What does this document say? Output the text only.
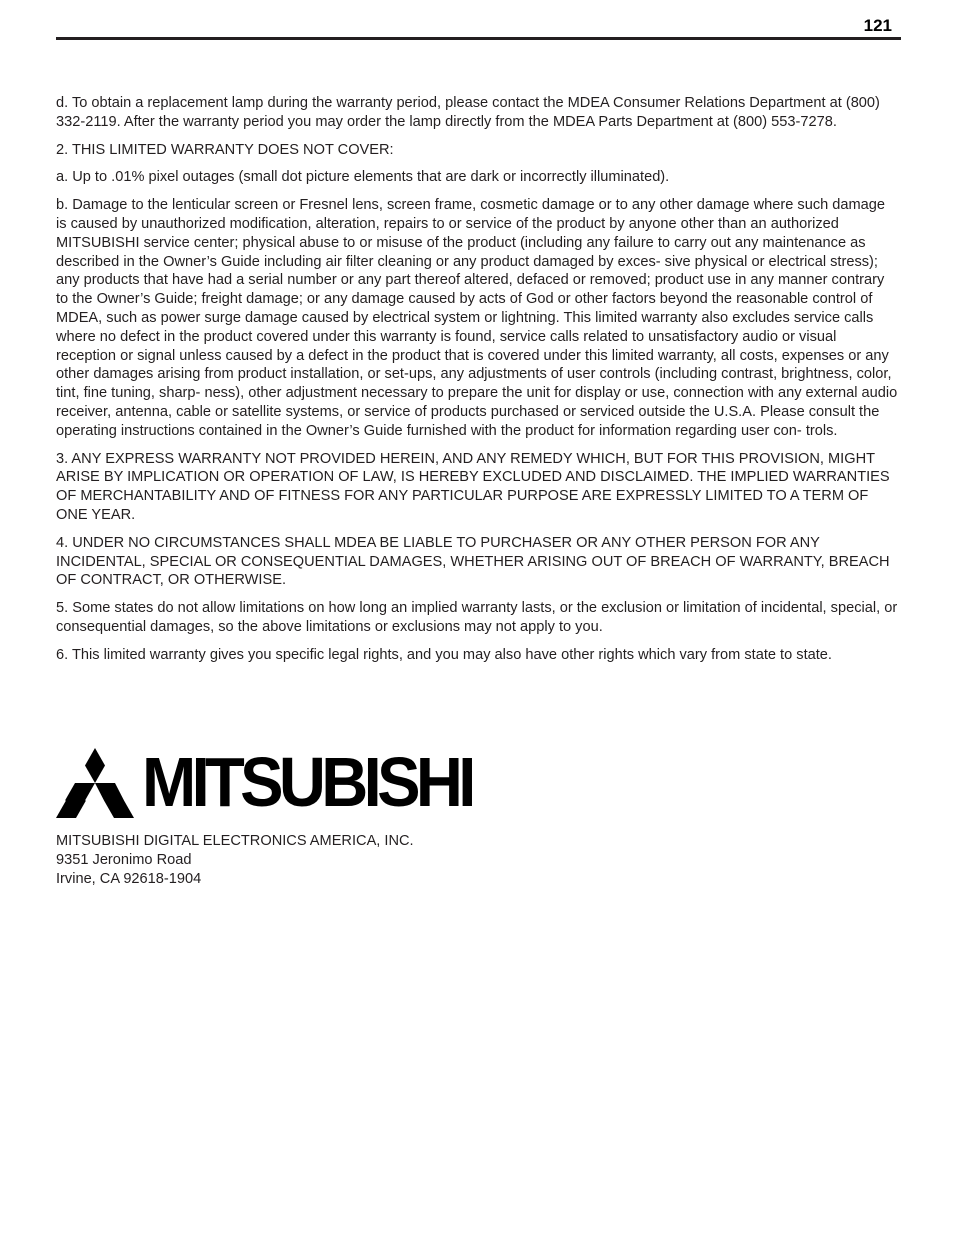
121

d. To obtain a replacement lamp during the warranty period, please contact the MDEA Consumer Relations Department at (800) 332-2119. After the warranty period you may order the lamp directly from the MDEA Parts Department at (800) 553-7278.

2. THIS LIMITED WARRANTY DOES NOT COVER:

a. Up to .01% pixel outages (small dot picture elements that are dark or incorrectly illuminated).

b. Damage to the lenticular screen or Fresnel lens, screen frame, cosmetic damage or to any other damage where such damage is caused by unauthorized modification, alteration, repairs to or service of the product by anyone other than an authorized MITSUBISHI service center; physical abuse to or misuse of the product (including any failure to carry out any maintenance as described in the Owner’s Guide including air filter cleaning or any product damaged by exces- sive physical or electrical stress); any products that have had a serial number or any part thereof altered, defaced or removed; product use in any manner contrary to the Owner’s Guide; freight damage; or any damage caused by acts of God or other factors beyond the reasonable control of MDEA, such as power surge damage caused by electrical system or lightning. This limited warranty also excludes service calls where no defect in the product covered under this warranty is found, service calls related to unsatisfactory audio or visual reception or signal unless caused by a defect in the product that is covered under this limited warranty, all costs, expenses or any other damages arising from product installation, or set-ups, any adjustments of user controls (including contrast, brightness, color, tint, fine tuning, sharp- ness), other adjustment necessary to prepare the unit for display or use, connection with any external audio receiver, antenna, cable or satellite systems, or service of products purchased or serviced outside the U.S.A. Please consult the operating instructions contained in the Owner’s Guide furnished with the product for information regarding user con- trols.

3. ANY EXPRESS WARRANTY NOT PROVIDED HEREIN, AND ANY REMEDY WHICH, BUT FOR THIS PROVISION, MIGHT ARISE BY IMPLICATION OR OPERATION OF LAW, IS HEREBY EXCLUDED AND DISCLAIMED. THE IMPLIED WARRANTIES OF MERCHANTABILITY AND OF FITNESS FOR ANY PARTICULAR PURPOSE ARE EXPRESSLY LIMITED TO A TERM OF ONE YEAR.

4. UNDER NO CIRCUMSTANCES SHALL MDEA BE LIABLE TO PURCHASER OR ANY OTHER PERSON FOR ANY INCIDENTAL, SPECIAL OR CONSEQUENTIAL DAMAGES, WHETHER ARISING OUT OF BREACH OF WARRANTY, BREACH OF CONTRACT, OR OTHERWISE.

5. Some states do not allow limitations on how long an implied warranty lasts, or the exclusion or limitation of incidental, special, or consequential damages, so the above limitations or exclusions may not apply to you.

6. This limited warranty gives you specific legal rights, and you may also have other rights which vary from state to state.

MITSUBISHI
MITSUBISHI DIGITAL ELECTRONICS AMERICA, INC.
9351 Jeronimo Road
Irvine, CA 92618-1904
